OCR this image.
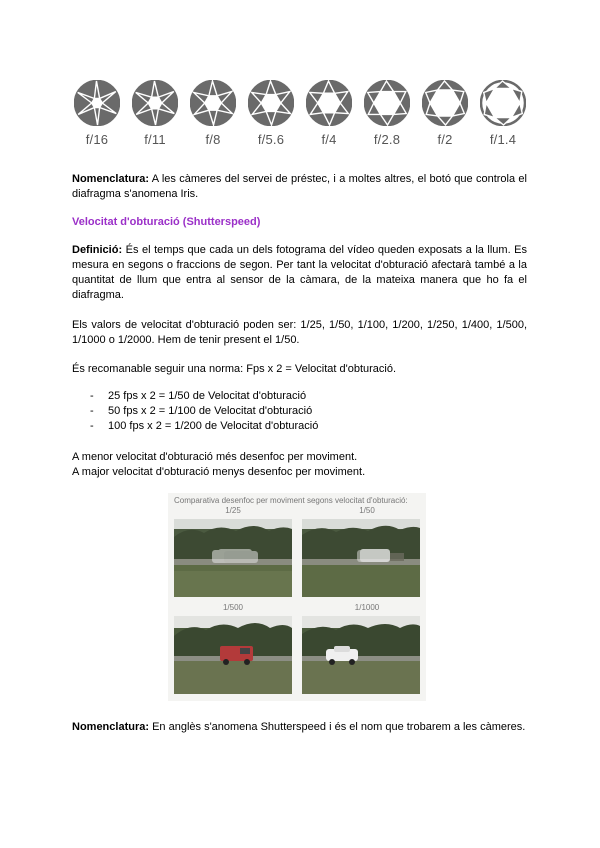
f/16	f/11	f/8	f/5.6	f/4	f/2.8	f/2	f/1.4
Nomenclatura: A les càmeres del servei de préstec, i a moltes altres, el botó que controla el diafragma s'anomena Iris.
Velocitat d'obturació (Shutterspeed)
Definició: És el temps que cada un dels fotograma del vídeo queden exposats a la llum. Es mesura en segons o fraccions de segon. Per tant la velocitat d'obturació afectarà també a la quantitat de llum que entra al sensor de la càmara, de la mateixa manera que ho fa el diafragma.
Els valors de velocitat d'obturació poden ser: 1/25, 1/50, 1/100, 1/200, 1/250, 1/400, 1/500, 1/1000 o 1/2000. Hem de tenir present el 1/50.
És recomanable seguir una norma: Fps x 2 = Velocitat d'obturació.
-	25 fps x 2 = 1/50 de Velocitat d'obturació
-	50 fps x 2 = 1/100 de Velocitat d'obturació
-	100 fps x 2 = 1/200 de Velocitat d'obturació
A menor velocitat d'obturació més desenfoc per moviment.
A major velocitat d'obturació menys desenfoc per moviment.
Comparativa desenfoc per moviment segons velocitat d'obturació:
1/25	1/50
1/500	1/1000
Nomenclatura: En anglès s'anomena Shutterspeed i és el nom que trobarem a les càmeres.
